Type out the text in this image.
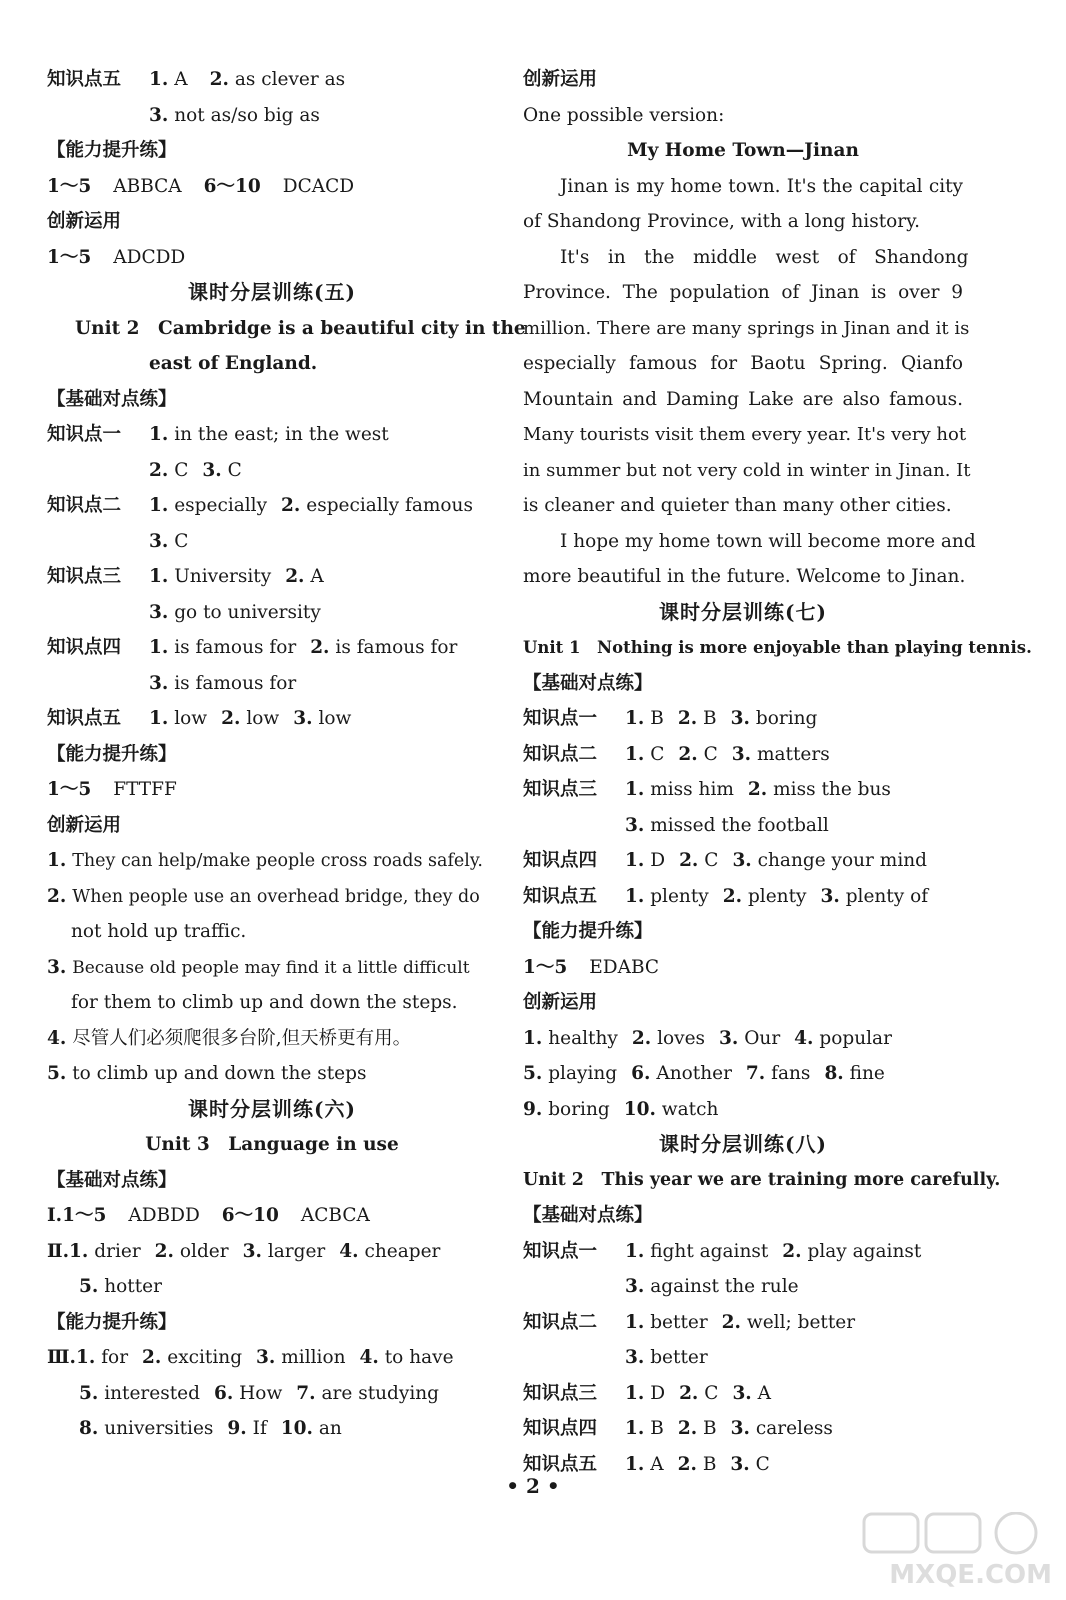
知识点五 1. A 2. as clever as
3. not as/so big as
【能力提升练】
1～5 ABBCA 6～10 DCACD
创新运用
1～5 ADCDD
课时分层训练(五)
Unit 2　Cambridge is a beautiful city in the
east of England.
【基础对点练】
知识点一 1. in the east; in the west
2. C 3. C
知识点二 1. especially 2. especially famous
3. C
知识点三 1. University 2. A
3. go to university
知识点四 1. is famous for 2. is famous for
3. is famous for
知识点五 1. low 2. low 3. low
【能力提升练】
1～5 FTTFF
创新运用
1. They can help/make people cross roads safely.
2. When people use an overhead bridge, they do
not hold up traffic.
3. Because old people may find it a little difficult
for them to climb up and down the steps.
4. 尽管人们必须爬很多台阶,但天桥更有用。
5. to climb up and down the steps
课时分层训练(六)
Unit 3　Language in use
【基础对点练】
Ⅰ.1～5 ADBDD 6～10 ACBCA
Ⅱ.1. drier 2. older 3. larger 4. cheaper
5. hotter
【能力提升练】
Ⅲ.1. for 2. exciting 3. million 4. to have
5. interested 6. How 7. are studying
8. universities 9. If 10. an
创新运用
One possible version:
My Home Town—Jinan
Jinan is my home town. It's the capital city
of Shandong Province, with a long history.
It's　in　the　middle　west　of　Shandong
Province. The population of Jinan is over 9
million. There are many springs in Jinan and it is
especially famous for Baotu Spring. Qianfo
Mountain and Daming Lake are also famous.
Many tourists visit them every year. It's very hot
in summer but not very cold in winter in Jinan. It
is cleaner and quieter than many other cities.
I hope my home town will become more and
more beautiful in the future. Welcome to Jinan.
课时分层训练(七)
Unit 1　Nothing is more enjoyable than playing tennis.
【基础对点练】
知识点一 1. B 2. B 3. boring
知识点二 1. C 2. C 3. matters
知识点三 1. miss him 2. miss the bus
3. missed the football
知识点四 1. D 2. C 3. change your mind
知识点五 1. plenty 2. plenty 3. plenty of
【能力提升练】
1～5 EDABC
创新运用
1. healthy 2. loves 3. Our 4. popular
5. playing 6. Another 7. fans 8. fine
9. boring 10. watch
课时分层训练(八)
Unit 2　This year we are training more carefully.
【基础对点练】
知识点一 1. fight against 2. play against
3. against the rule
知识点二 1. better 2. well; better
3. better
知识点三 1. D 2. C 3. A
知识点四 1. B 2. B 3. careless
知识点五 1. A 2. B 3. C
• 2 •
MXQE.COM
